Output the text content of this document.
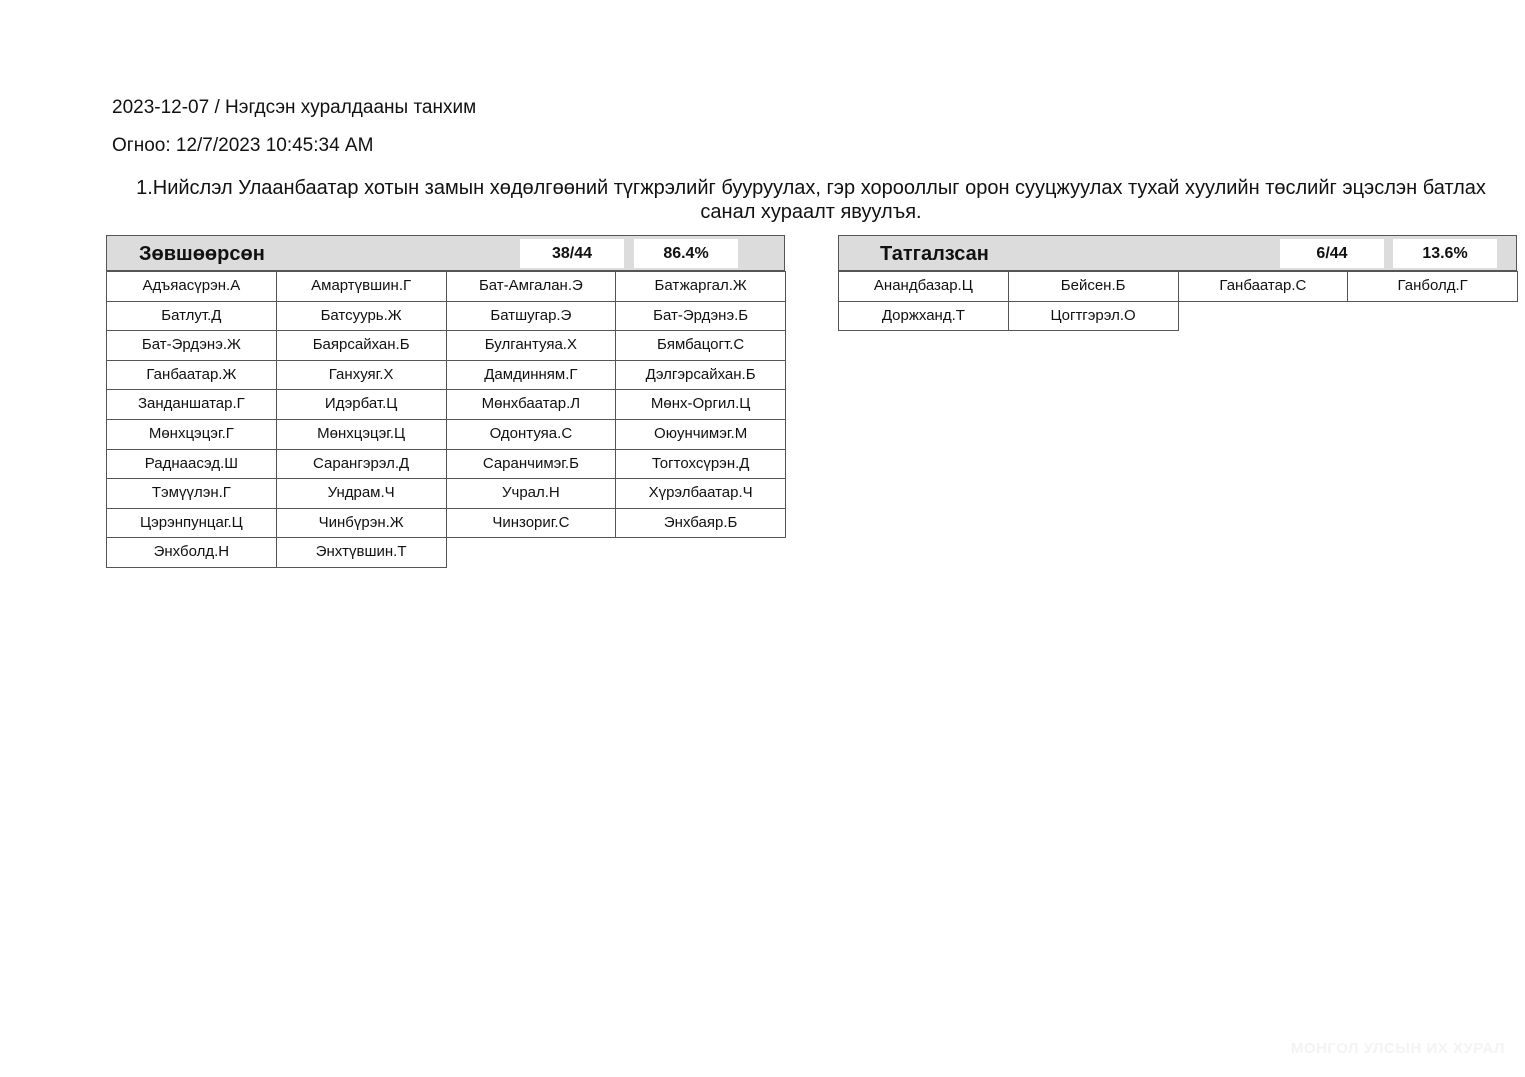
2023-12-07 / Нэгдсэн хуралдааны танхим
Огноо: 12/7/2023 10:45:34 AM
1.Нийслэл Улаанбаатар хотын замын хөдөлгөөний түгжрэлийг бууруулах, гэр хорооллыг орон сууцжуулах тухай хуулийн төслийг эцэслэн батлах санал хураалт явуулъя.
Зөвшөөрсөн	38/44	86.4%
Адъяасүрэн.А	Амартүвшин.Г	Бат-Амгалан.Э	Батжаргал.Ж
Батлут.Д	Батсуурь.Ж	Батшугар.Э	Бат-Эрдэнэ.Б
Бат-Эрдэнэ.Ж	Баярсайхан.Б	Булгантуяа.Х	Бямбацогт.С
Ганбаатар.Ж	Ганхуяг.Х	Дамдинням.Г	Дэлгэрсайхан.Б
Занданшатар.Г	Идэрбат.Ц	Мөнхбаатар.Л	Мөнх-Оргил.Ц
Мөнхцэцэг.Г	Мөнхцэцэг.Ц	Одонтуяа.С	Оюунчимэг.М
Раднаасэд.Ш	Сарангэрэл.Д	Саранчимэг.Б	Тогтохсүрэн.Д
Тэмүүлэн.Г	Ундрам.Ч	Учрал.Н	Хүрэлбаатар.Ч
Цэрэнпунцаг.Ц	Чинбүрэн.Ж	Чинзориг.С	Энхбаяр.Б
Энхболд.Н	Энхтүвшин.Т
Татгалзсан	6/44	13.6%
Анандбазар.Ц	Бейсен.Б	Ганбаатар.С	Ганболд.Г
Доржханд.Т	Цогтгэрэл.О
МОНГОЛ УЛСЫН ИХ ХУРАЛ
